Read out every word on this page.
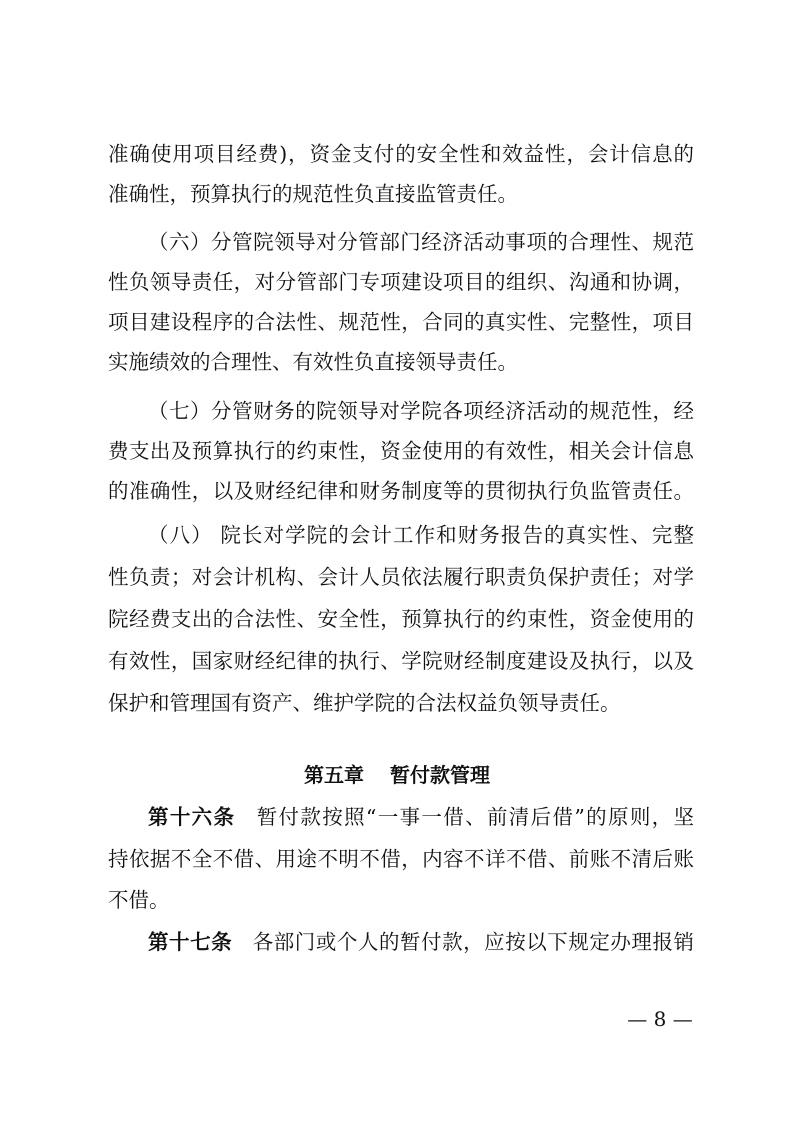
准确使用项目经费)，资金支付的安全性和效益性，会计信息的
准确性，预算执行的规范性负直接监管责任。
（六）分管院领导对分管部门经济活动事项的合理性、规范
性负领导责任，对分管部门专项建设项目的组织、沟通和协调，
项目建设程序的合法性、规范性，合同的真实性、完整性，项目
实施绩效的合理性、有效性负直接领导责任。
（七）分管财务的院领导对学院各项经济活动的规范性，经
费支出及预算执行的约束性，资金使用的有效性，相关会计信息
的准确性，以及财经纪律和财务制度等的贯彻执行负监管责任。
（八） 院长对学院的会计工作和财务报告的真实性、完整
性负责；对会计机构、会计人员依法履行职责负保护责任；对学
院经费支出的合法性、安全性，预算执行的约束性，资金使用的
有效性，国家财经纪律的执行、学院财经制度建设及执行，以及
保护和管理国有资产、维护学院的合法权益负领导责任。
第五章 暂付款管理
第十六条 暂付款按照“一事一借、前清后借”的原则，坚
持依据不全不借、用途不明不借，内容不详不借、前账不清后账
不借。
第十七条 各部门或个人的暂付款，应按以下规定办理报销
— 8 —
